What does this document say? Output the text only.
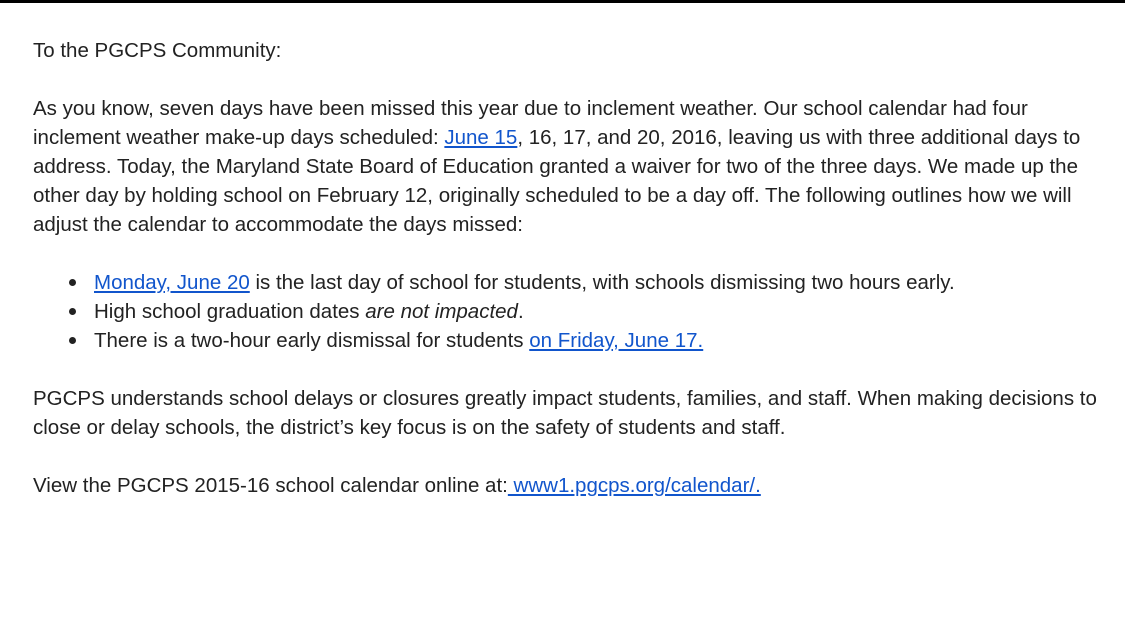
To the PGCPS Community:

As you know, seven days have been missed this year due to inclement weather. Our school calendar had four inclement weather make-up days scheduled: June 15, 16, 17, and 20, 2016, leaving us with three additional days to address. Today, the Maryland State Board of Education granted a waiver for two of the three days. We made up the other day by holding school on February 12, originally scheduled to be a day off. The following outlines how we will adjust the calendar to accommodate the days missed:

Monday, June 20 is the last day of school for students, with schools dismissing two hours early.
High school graduation dates are not impacted.
There is a two-hour early dismissal for students on Friday, June 17.

PGCPS understands school delays or closures greatly impact students, families, and staff. When making decisions to close or delay schools, the district’s key focus is on the safety of students and staff.

View the PGCPS 2015-16 school calendar online at: www1.pgcps.org/calendar/.
